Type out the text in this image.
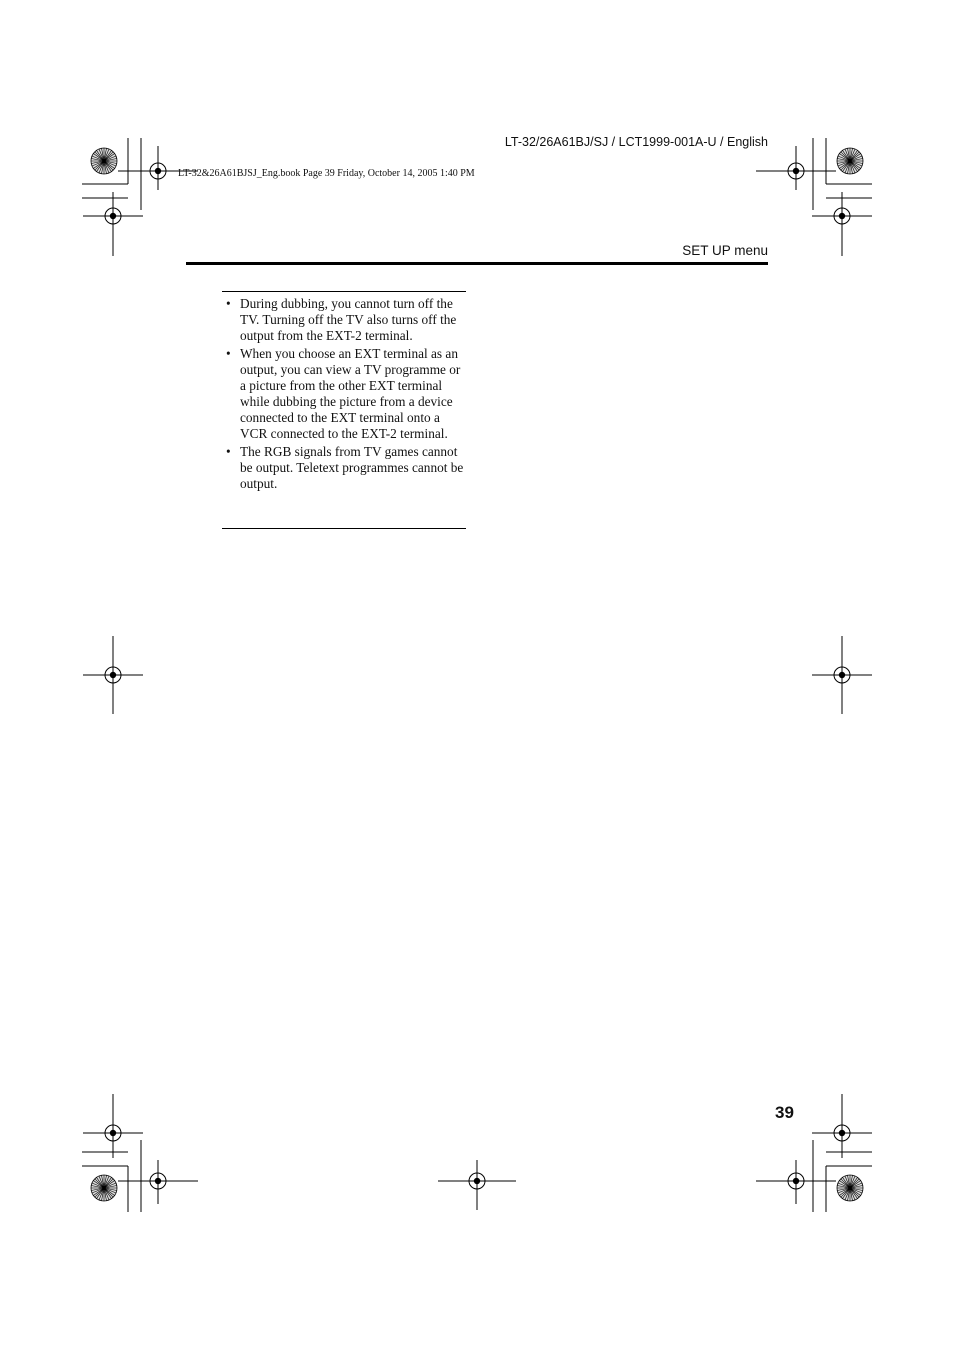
LT-32/26A61BJ/SJ / LCT1999-001A-U / English
LT-32&26A61BJSJ_Eng.book Page 39 Friday, October 14, 2005 1:40 PM
SET UP menu
• During dubbing, you cannot turn off the TV. Turning off the TV also turns off the output from the EXT-2 terminal.
• When you choose an EXT terminal as an output, you can view a TV programme or a picture from the other EXT terminal while dubbing the picture from a device connected to the EXT terminal onto a VCR connected to the EXT-2 terminal.
• The RGB signals from TV games cannot be output. Teletext programmes cannot be output.
39
